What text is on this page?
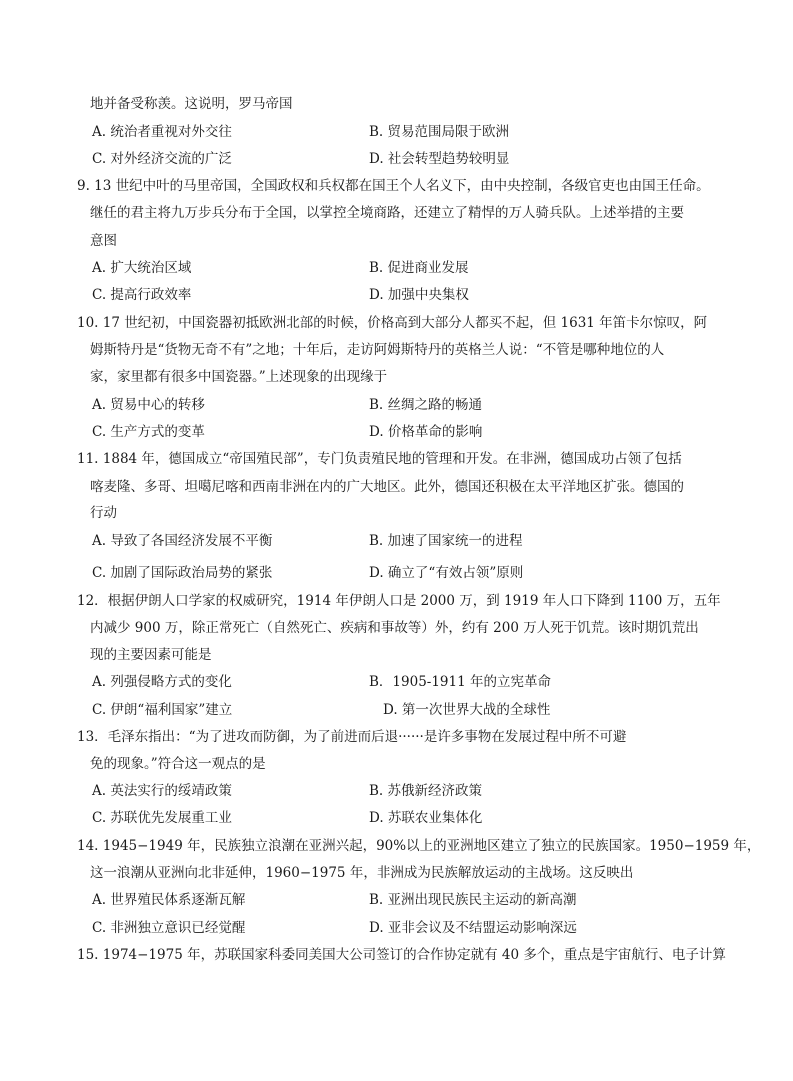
地并备受称羡。这说明，罗马帝国
A. 统治者重视对外交往	B. 贸易范围局限于欧洲
C. 对外经济交流的广泛	D. 社会转型趋势较明显
9. 13 世纪中叶的马里帝国，全国政权和兵权都在国王个人名义下，由中央控制，各级官吏也由国王任命。
继任的君主将九万步兵分布于全国，以掌控全境商路，还建立了精悍的万人骑兵队。上述举措的主要
意图
A. 扩大统治区域	B. 促进商业发展
C. 提高行政效率	D. 加强中央集权
10. 17 世纪初，中国瓷器初抵欧洲北部的时候，价格高到大部分人都买不起，但 1631 年笛卡尔惊叹，阿
姆斯特丹是“货物无奇不有”之地；十年后，走访阿姆斯特丹的英格兰人说：“不管是哪种地位的人
家，家里都有很多中国瓷器。”上述现象的出现缘于
A. 贸易中心的转移	B. 丝绸之路的畅通
C. 生产方式的变革	D. 价格革命的影响
11. 1884 年，德国成立“帝国殖民部”，专门负责殖民地的管理和开发。在非洲，德国成功占领了包括
喀麦隆、多哥、坦噶尼喀和西南非洲在内的广大地区。此外，德国还积极在太平洋地区扩张。德国的
行动
A. 导致了各国经济发展不平衡	B. 加速了国家统一的进程
C. 加剧了国际政治局势的紧张	D. 确立了“有效占领”原则
12．根据伊朗人口学家的权威研究，1914 年伊朗人口是 2000 万，到 1919 年人口下降到 1100 万，五年
内减少 900 万，除正常死亡（自然死亡、疾病和事故等）外，约有 200 万人死于饥荒。该时期饥荒出
现的主要因素可能是
A. 列强侵略方式的变化	B．1905-1911 年的立宪革命
C. 伊朗“福利国家”建立	D. 第一次世界大战的全球性
13．毛泽东指出：“为了进攻而防御，为了前进而后退······是许多事物在发展过程中所不可避
免的现象。”符合这一观点的是
A. 英法实行的绥靖政策	B. 苏俄新经济政策
C. 苏联优先发展重工业	D. 苏联农业集体化
14. 1945−1949 年，民族独立浪潮在亚洲兴起，90%以上的亚洲地区建立了独立的民族国家。1950−1959 年，
这一浪潮从亚洲向北非延伸，1960−1975 年，非洲成为民族解放运动的主战场。这反映出
A. 世界殖民体系逐渐瓦解	B. 亚洲出现民族民主运动的新高潮
C. 非洲独立意识已经觉醒	D. 亚非会议及不结盟运动影响深远
15. 1974−1975 年，苏联国家科委同美国大公司签订的合作协定就有 40 多个，重点是宇宙航行、电子计算
